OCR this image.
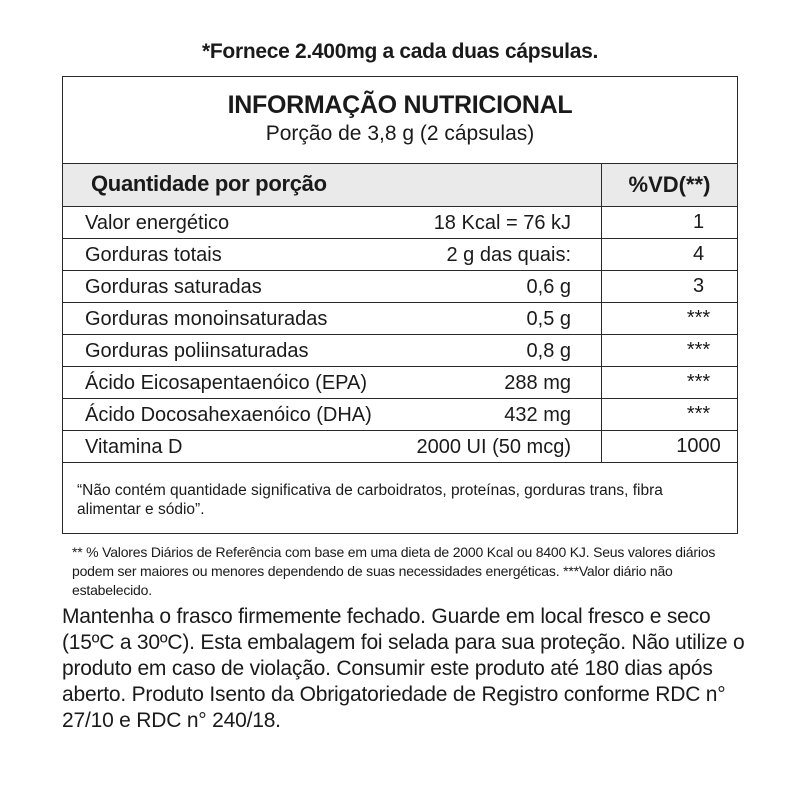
*Fornece 2.400mg a cada duas cápsulas.
INFORMAÇÃO NUTRICIONAL
Porção de 3,8 g (2 cápsulas)
Quantidade por porção	%VD(**)
Valor energético	18 Kcal = 76 kJ	1
Gorduras totais	2 g das quais:	4
Gorduras saturadas	0,6 g	3
Gorduras monoinsaturadas	0,5 g	***
Gorduras poliinsaturadas	0,8 g	***
Ácido Eicosapentaenóico (EPA)	288 mg	***
Ácido Docosahexaenóico (DHA)	432 mg	***
Vitamina D	2000 UI (50 mcg)	1000
“Não contém quantidade significativa de carboidratos, proteínas, gorduras trans, fibra alimentar e sódio”.
** % Valores Diários de Referência com base em uma dieta de 2000 Kcal ou 8400 KJ. Seus valores diários podem ser maiores ou menores dependendo de suas necessidades energéticas. ***Valor diário não estabelecido.
Mantenha o frasco firmemente fechado. Guarde em local fresco e seco (15ºC a 30ºC). Esta embalagem foi selada para sua proteção. Não utilize o produto em caso de violação. Consumir este produto até 180 dias após aberto. Produto Isento da Obrigatoriedade de Registro conforme RDC n° 27/10 e RDC n° 240/18.
